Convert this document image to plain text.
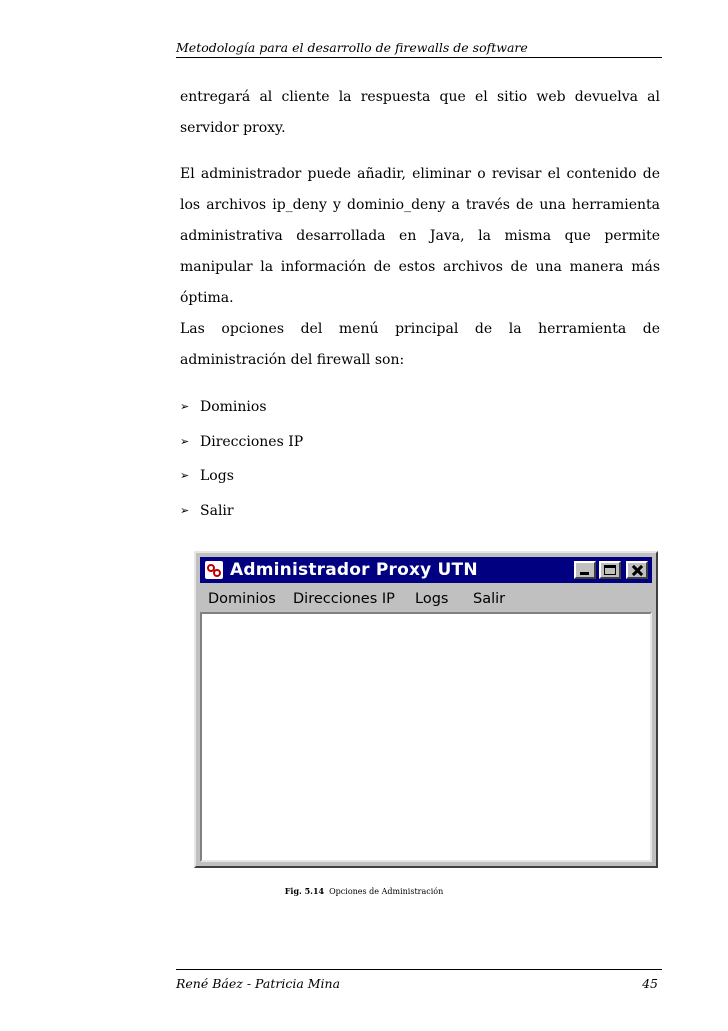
Metodología para el desarrollo de firewalls de software

entregará al cliente la respuesta que el sitio web devuelva al

servidor proxy.

El administrador puede añadir, eliminar o revisar el contenido de

los archivos ip_deny y dominio_deny a través de una herramienta

administrativa desarrollada en Java, la misma que permite

manipular la información de estos archivos de una manera más

óptima.

Las opciones del menú principal de la herramienta de

administración del firewall son:

➢ Dominios
➢ Direcciones IP
➢ Logs
➢ Salir
Administrador Proxy UTN
Dominios Direcciones IP Logs Salir
Fig. 5.14 Opciones de Administración
René Báez - Patricia Mina	45
